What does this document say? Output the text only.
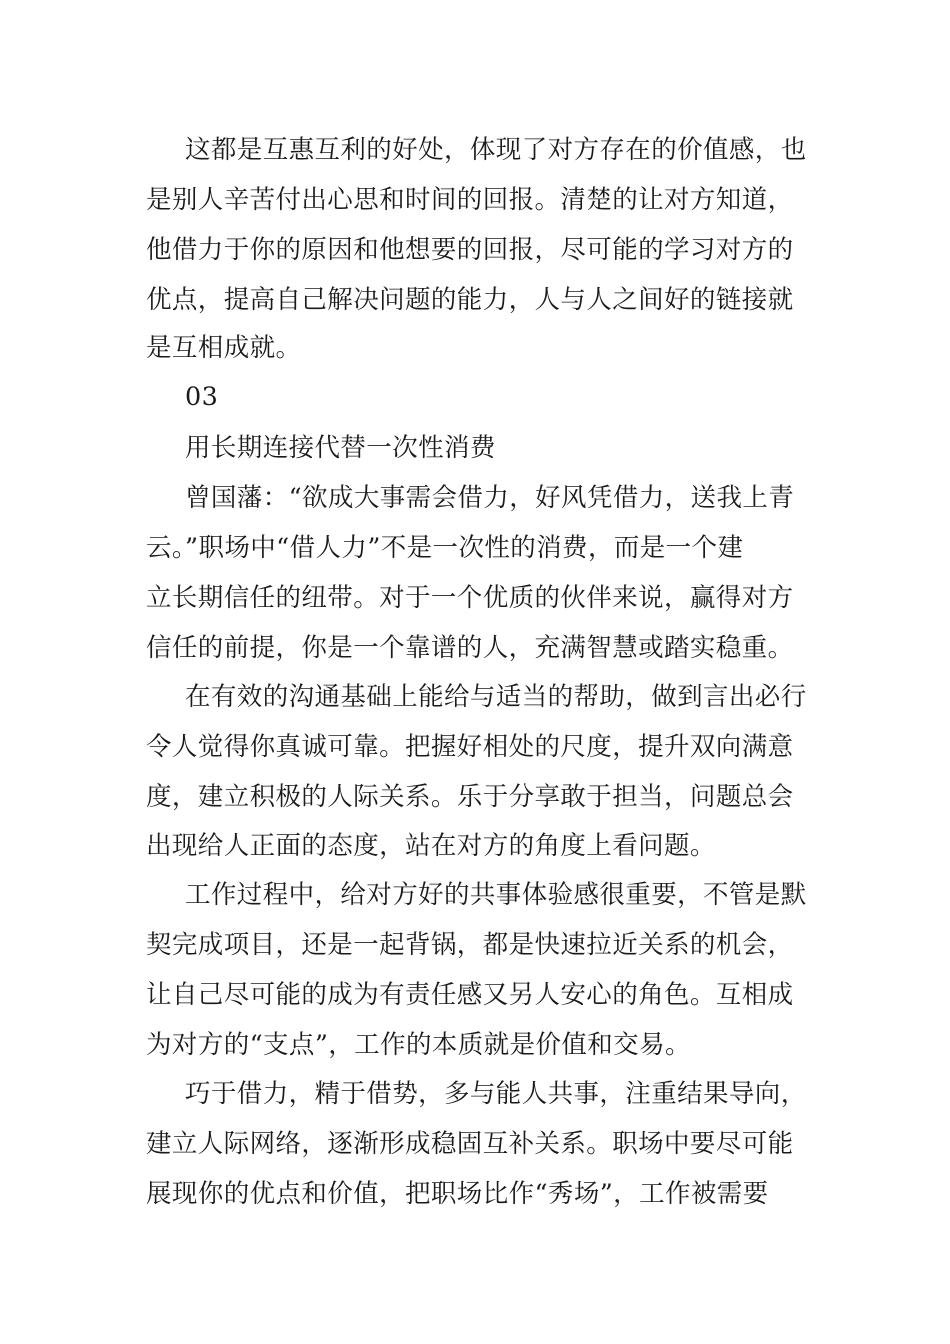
这都是互惠互利的好处，体现了对方存在的价值感，也
是别人辛苦付出心思和时间的回报。清楚的让对方知道，
他借力于你的原因和他想要的回报，尽可能的学习对方的
优点，提高自己解决问题的能力，人与人之间好的链接就
是互相成就。
03
用长期连接代替一次性消费
曾国藩：“欲成大事需会借力，好风凭借力，送我上青
云。”职场中“借人力”不是一次性的消费，而是一个建
立长期信任的纽带。对于一个优质的伙伴来说，赢得对方
信任的前提，你是一个靠谱的人，充满智慧或踏实稳重。
在有效的沟通基础上能给与适当的帮助，做到言出必行
令人觉得你真诚可靠。把握好相处的尺度，提升双向满意
度，建立积极的人际关系。乐于分享敢于担当，问题总会
出现给人正面的态度，站在对方的角度上看问题。
工作过程中，给对方好的共事体验感很重要，不管是默
契完成项目，还是一起背锅，都是快速拉近关系的机会，
让自己尽可能的成为有责任感又另人安心的角色。互相成
为对方的“支点”，工作的本质就是价值和交易。
巧于借力，精于借势，多与能人共事，注重结果导向，
建立人际网络，逐渐形成稳固互补关系。职场中要尽可能
展现你的优点和价值，把职场比作“秀场”，工作被需要
